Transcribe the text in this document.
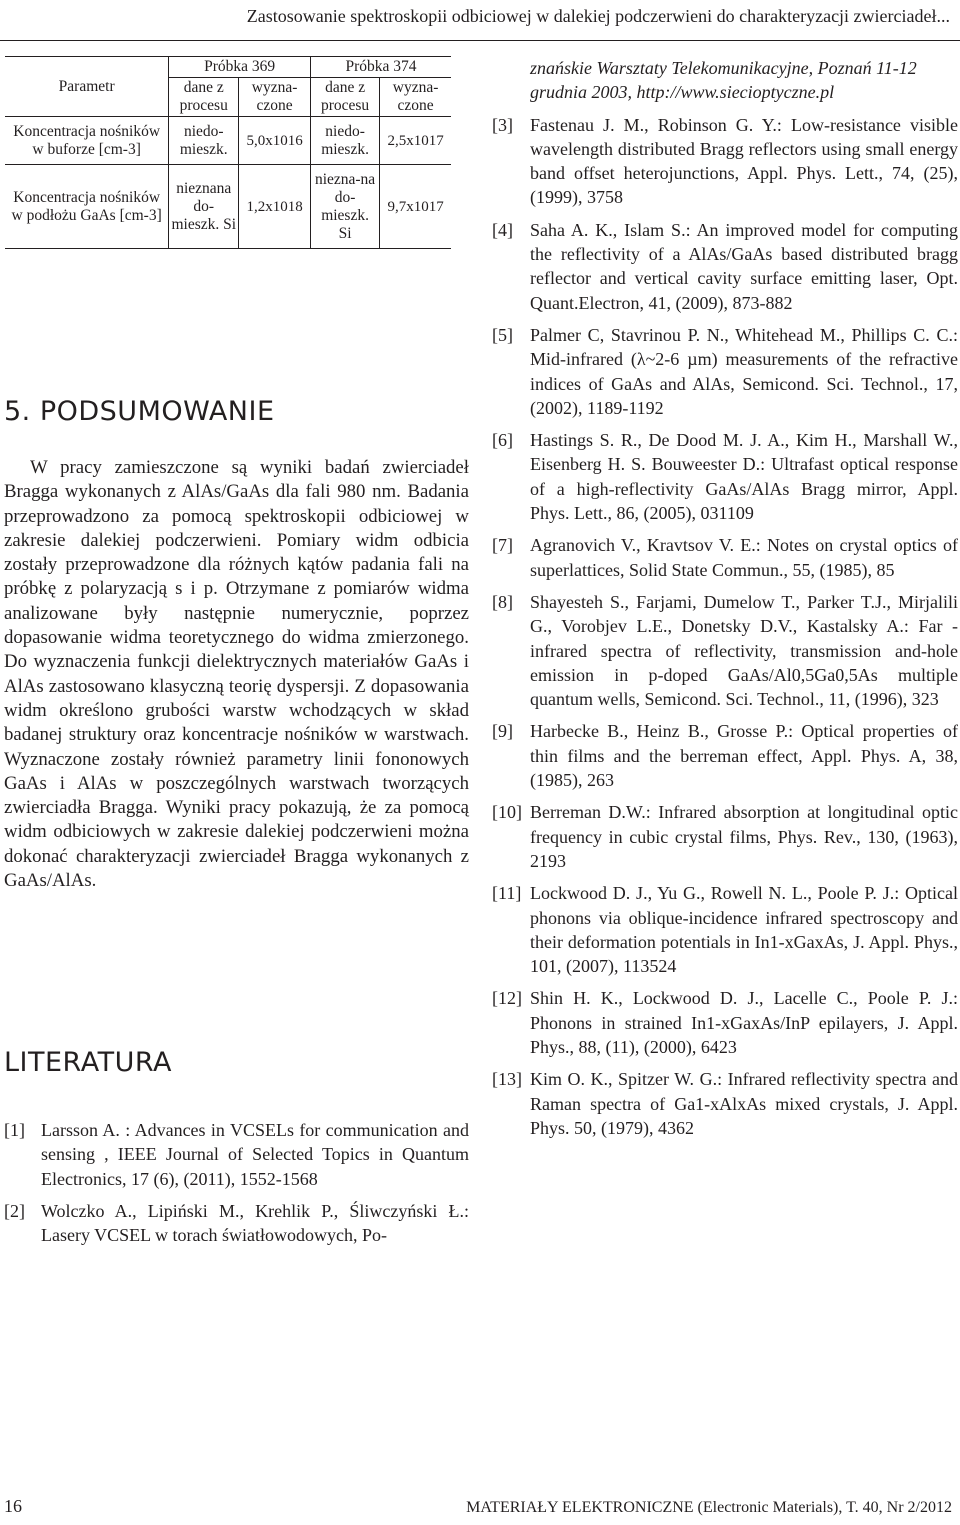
Zastosowanie spektroskopii odbiciowej w dalekiej podczerwieni do charakteryzacji zwierciadeł...
Parametr	Próbka 369		Próbka 374	
	dane z procesu	wyzna-czone	dane z procesu	wyzna-czone
Koncentracja nośników w buforze [cm-3]	niedo-mieszk.	5,0x1016	niedo-mieszk.	2,5x1017
Koncentracja nośników w podłożu GaAs [cm-3]	nieznana do-mieszk. Si	1,2x1018	niezna-na do-mieszk. Si	9,7x1017
5. PODSUMOWANIE

W pracy zamieszczone są wyniki badań zwierciadeł Bragga wykonanych z AlAs/GaAs dla fali 980 nm. Badania przeprowadzono za pomocą spektroskopii odbiciowej w zakresie dalekiej podczerwieni. Pomiary widm odbicia zostały przeprowadzone dla różnych kątów padania fali na próbkę z polaryzacją s i p. Otrzymane z pomiarów widma analizowane były następnie numerycznie, poprzez dopasowanie widma teoretycznego do widma zmierzonego. Do wyznaczenia funkcji dielektrycznych materiałów GaAs i AlAs zastosowano klasyczną teorię dyspersji. Z dopasowania widm określono grubości warstw wchodzących w skład badanej struktury oraz koncentracje nośników w warstwach. Wyznaczone zostały również parametry linii fononowych GaAs i AlAs w poszczególnych warstwach tworzących zwierciadła Bragga. Wyniki pracy pokazują, że za pomocą widm odbiciowych w zakresie dalekiej podczerwieni można dokonać charakteryzacji zwierciadeł Bragga wykonanych z GaAs/AlAs.

LITERATURA
[1] Larsson A. : Advances in VCSELs for communication and sensing , IEEE Journal of Selected Topics in Quantum Electronics, 17 (6), (2011), 1552-1568
[2] Wolczko A., Lipiński M., Krehlik P., Śliwczyński Ł.: Lasery VCSEL w torach światłowodowych, Po-

znańskie Warsztaty Telekomunikacyjne, Poznań 11-12 grudnia 2003, http://www.siecioptyczne.pl

[3] Fastenau J. M., Robinson G. Y.: Low-resistance visible wavelength distributed Bragg reflectors using small energy band offset heterojunctions, Appl. Phys. Lett., 74, (25), (1999), 3758
[4] Saha A. K., Islam S.: An improved model for computing the reflectivity of a AlAs/GaAs based distributed bragg reflector and vertical cavity surface emitting laser, Opt. Quant.Electron, 41, (2009), 873-882
[5] Palmer C, Stavrinou P. N., Whitehead M., Phillips C. C.: Mid-infrared (λ~2-6 µm) measurements of the refractive indices of GaAs and AlAs, Semicond. Sci. Technol., 17, (2002), 1189-1192
[6] Hastings S. R., De Dood M. J. A., Kim H., Marshall W., Eisenberg H. S. Bouweester D.: Ultrafast optical response of a high-reflectivity GaAs/AlAs Bragg mirror, Appl. Phys. Lett., 86, (2005), 031109
[7] Agranovich V., Kravtsov V. E.: Notes on crystal optics of superlattices, Solid State Commun., 55, (1985), 85
[8] Shayesteh S., Farjami, Dumelow T., Parker T.J., Mirjalili G., Vorobjev L.E., Donetsky D.V., Kastalsky A.: Far -infrared spectra of reflectivity, transmission and-hole emission in p-doped GaAs/Al0,5Ga0,5As multiple quantum wells, Semicond. Sci. Technol., 11, (1996), 323
[9] Harbecke B., Heinz B., Grosse P.: Optical properties of thin films and the berreman effect, Appl. Phys. A, 38, (1985), 263
[10] Berreman D.W.: Infrared absorption at longitudinal optic frequency in cubic crystal films, Phys. Rev., 130, (1963), 2193
[11] Lockwood D. J., Yu G., Rowell N. L., Poole P. J.: Optical phonons via oblique-incidence infrared spectroscopy and their deformation potentials in In1-xGaxAs, J. Appl. Phys., 101, (2007), 113524
[12] Shin H. K., Lockwood D. J., Lacelle C., Poole P. J.: Phonons in strained In1-xGaxAs/InP epilayers, J. Appl. Phys., 88, (11), (2000), 6423
[13] Kim O. K., Spitzer W. G.: Infrared reflectivity spectra and Raman spectra of Ga1-xAlxAs mixed crystals, J. Appl. Phys. 50, (1979), 4362
16	MATERIAŁY ELEKTRONICZNE (Electronic Materials), T. 40, Nr 2/2012
